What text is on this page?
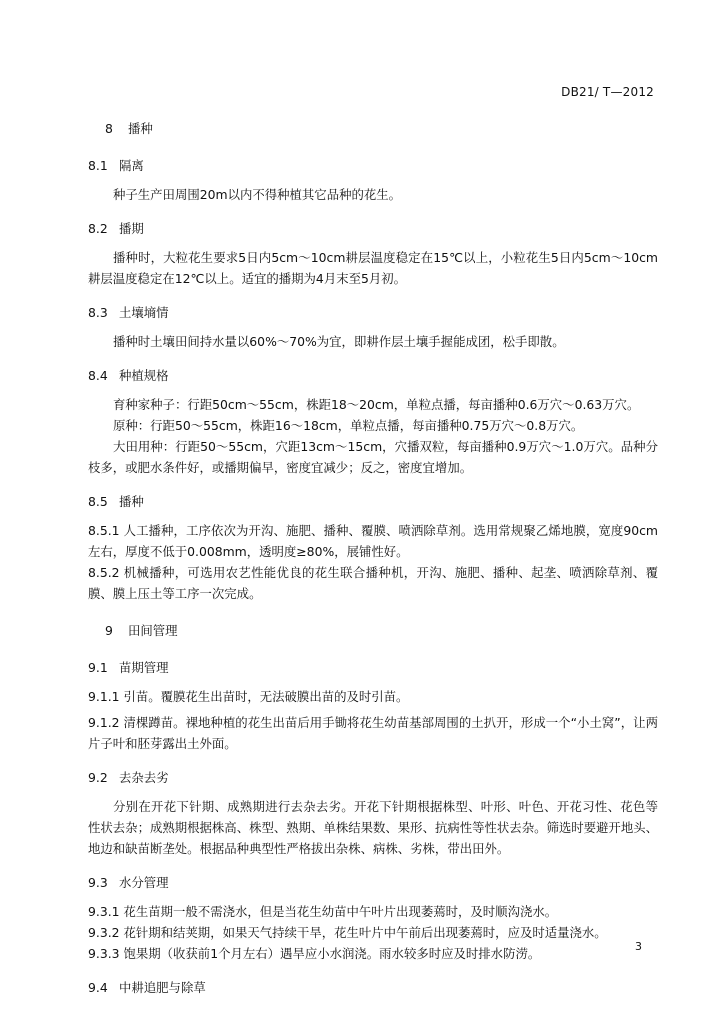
DB21/ T—2012
8 播种
8.1 隔离
种子生产田周围20m以内不得种植其它品种的花生。
8.2 播期
播种时，大粒花生要求5日内5cm～10cm耕层温度稳定在15℃以上，小粒花生5日内5cm～10cm耕层温度稳定在12℃以上。适宜的播期为4月末至5月初。
8.3 土壤墒情
播种时土壤田间持水量以60%～70%为宜，即耕作层土壤手握能成团，松手即散。
8.4 种植规格
育种家种子：行距50cm～55cm，株距18～20cm，单粒点播，每亩播种0.6万穴～0.63万穴。
原种：行距50～55cm，株距16～18cm，单粒点播，每亩播种0.75万穴～0.8万穴。
大田用种：行距50～55cm，穴距13cm～15cm，穴播双粒，每亩播种0.9万穴～1.0万穴。品种分枝多，或肥水条件好，或播期偏早，密度宜减少；反之，密度宜增加。
8.5 播种
8.5.1 人工播种，工序依次为开沟、施肥、播种、覆膜、喷洒除草剂。选用常规聚乙烯地膜，宽度90cm左右，厚度不低于0.008mm，透明度≥80%，展铺性好。
8.5.2 机械播种，可选用农艺性能优良的花生联合播种机，开沟、施肥、播种、起垄、喷洒除草剂、覆膜、膜上压土等工序一次完成。
9 田间管理
9.1 苗期管理
9.1.1 引苗。覆膜花生出苗时，无法破膜出苗的及时引苗。
9.1.2 清棵蹲苗。裸地种植的花生出苗后用手锄将花生幼苗基部周围的土扒开，形成一个“小土窝”，让两片子叶和胚芽露出土外面。
9.2 去杂去劣
分别在开花下针期、成熟期进行去杂去劣。开花下针期根据株型、叶形、叶色、开花习性、花色等性状去杂；成熟期根据株高、株型、熟期、单株结果数、果形、抗病性等性状去杂。筛选时要避开地头、地边和缺苗断垄处。根据品种典型性严格拔出杂株、病株、劣株，带出田外。
9.3 水分管理
9.3.1 花生苗期一般不需浇水，但是当花生幼苗中午叶片出现萎蔫时，及时顺沟浇水。
9.3.2 花针期和结荚期，如果天气持续干旱，花生叶片中午前后出现萎蔫时，应及时适量浇水。
9.3.3 饱果期（收获前1个月左右）遇旱应小水润浇。雨水较多时应及时排水防涝。
9.4 中耕追肥与除草
3
